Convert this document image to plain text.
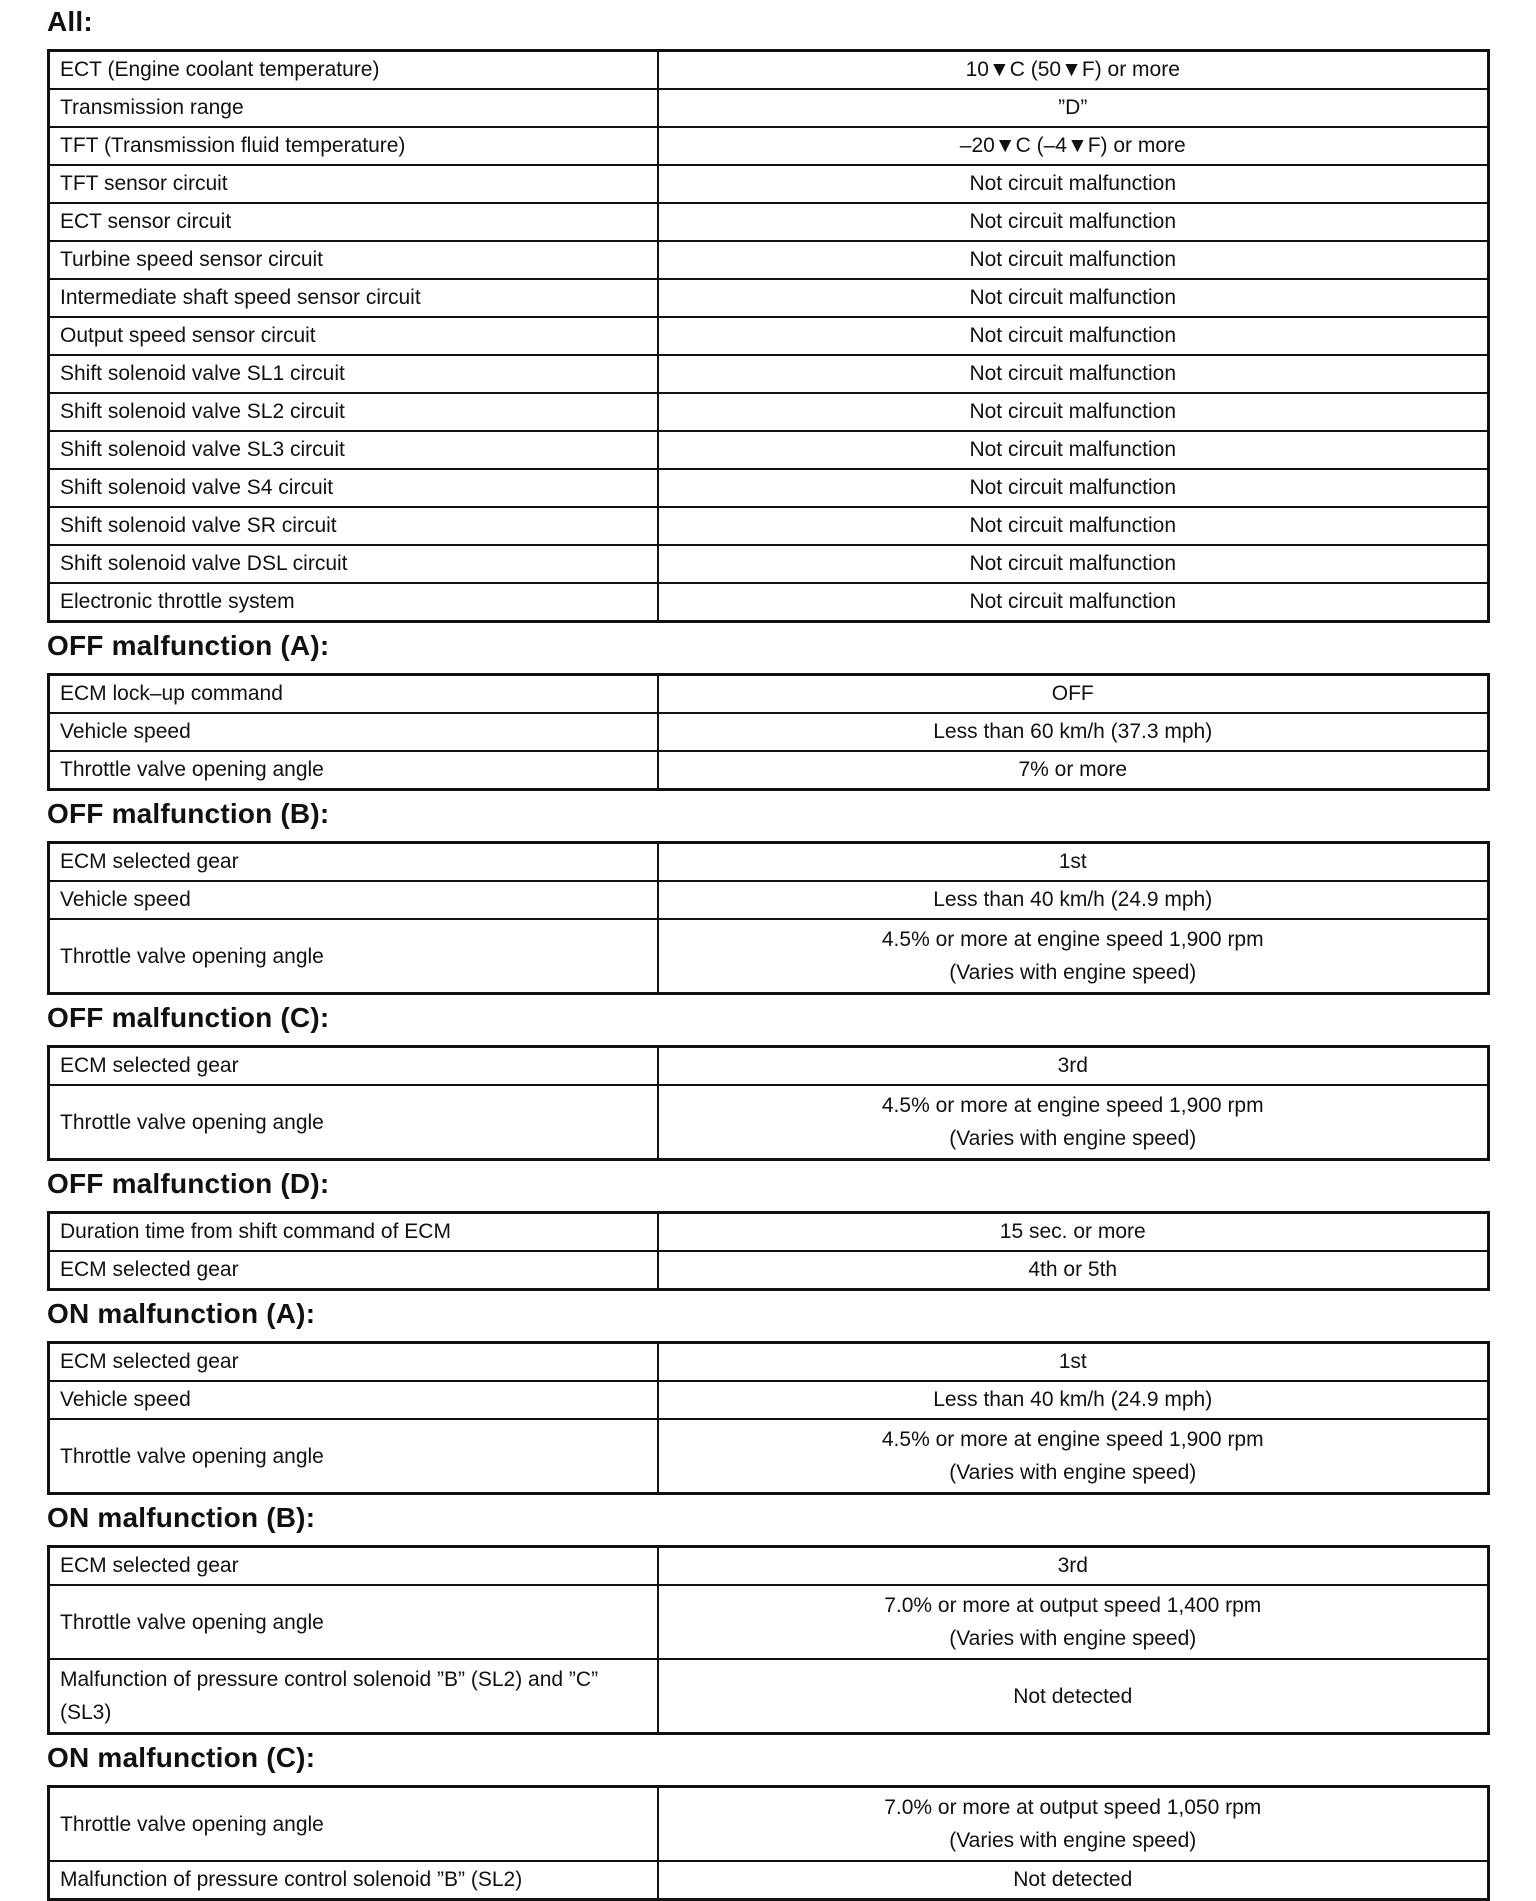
All:
ECT (Engine coolant temperature)	10▼C (50▼F) or more
Transmission range	”D”
TFT (Transmission fluid temperature)	–20▼C (–4▼F) or more
TFT sensor circuit	Not circuit malfunction
ECT sensor circuit	Not circuit malfunction
Turbine speed sensor circuit	Not circuit malfunction
Intermediate shaft speed sensor circuit	Not circuit malfunction
Output speed sensor circuit	Not circuit malfunction
Shift solenoid valve SL1 circuit	Not circuit malfunction
Shift solenoid valve SL2 circuit	Not circuit malfunction
Shift solenoid valve SL3 circuit	Not circuit malfunction
Shift solenoid valve S4 circuit	Not circuit malfunction
Shift solenoid valve SR circuit	Not circuit malfunction
Shift solenoid valve DSL circuit	Not circuit malfunction
Electronic throttle system	Not circuit malfunction
OFF malfunction (A):
ECM lock–up command	OFF
Vehicle speed	Less than 60 km/h (37.3 mph)
Throttle valve opening angle	7% or more
OFF malfunction (B):
ECM selected gear	1st
Vehicle speed	Less than 40 km/h (24.9 mph)
Throttle valve opening angle	4.5% or more at engine speed 1,900 rpm
(Varies with engine speed)
OFF malfunction (C):
ECM selected gear	3rd
Throttle valve opening angle	4.5% or more at engine speed 1,900 rpm
(Varies with engine speed)
OFF malfunction (D):
Duration time from shift command of ECM	15 sec. or more
ECM selected gear	4th or 5th
ON malfunction (A):
ECM selected gear	1st
Vehicle speed	Less than 40 km/h (24.9 mph)
Throttle valve opening angle	4.5% or more at engine speed 1,900 rpm
(Varies with engine speed)
ON malfunction (B):
ECM selected gear	3rd
Throttle valve opening angle	7.0% or more at output speed 1,400 rpm
(Varies with engine speed)

Malfunction of pressure control solenoid ”B” (SL2) and ”C”
(SL3)	Not detected
ON malfunction (C):
Throttle valve opening angle	7.0% or more at output speed 1,050 rpm
(Varies with engine speed)

Malfunction of pressure control solenoid ”B” (SL2)	Not detected
